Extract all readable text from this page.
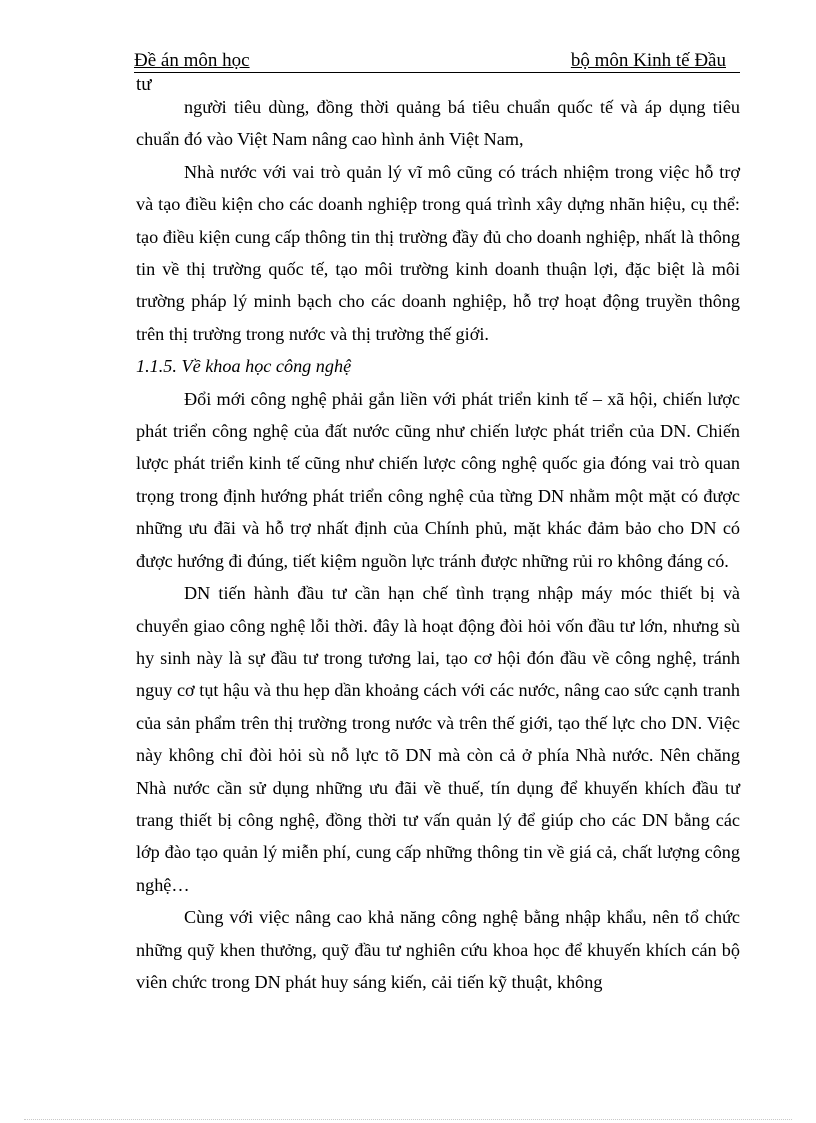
Đề án môn học	bộ môn Kinh tế Đầu
tư

người tiêu dùng, đồng thời quảng bá tiêu chuẩn quốc tế và áp dụng tiêu chuẩn đó vào Việt Nam nâng cao hình ảnh Việt Nam,

Nhà nước với vai trò quản lý vĩ mô cũng có trách nhiệm trong việc hỗ trợ và tạo điều kiện cho các doanh nghiệp trong quá trình xây dựng nhãn hiệu, cụ thể: tạo điều kiện cung cấp thông tin thị trường đầy đủ cho doanh nghiệp, nhất là thông tin về thị trường quốc tế, tạo môi trường kinh doanh thuận lợi, đặc biệt là môi trường pháp lý minh bạch cho các doanh nghiệp, hỗ trợ hoạt động truyền thông trên thị trường trong nước và thị trường thế giới.

1.1.5. Về khoa học công nghệ

Đổi mới công nghệ phải gắn liền với phát triển kinh tế – xã hội, chiến lược phát triển công nghệ của đất nước cũng như chiến lược phát triển của DN. Chiến lược phát triển kinh tế cũng như chiến lược công nghệ quốc gia đóng vai trò quan trọng trong định hướng phát triển công nghệ của từng DN nhằm một mặt có được những ưu đãi và hỗ trợ nhất định của Chính phủ, mặt khác đảm bảo cho DN có được hướng đi đúng, tiết kiệm nguồn lực tránh được những rủi ro không đáng có.

DN tiến hành đầu tư cần hạn chế tình trạng nhập máy móc thiết bị và chuyển giao công nghệ lỗi thời. đây là hoạt động đòi hỏi vốn đầu tư lớn, nhưng sù hy sinh này là sự đầu tư trong tương lai, tạo cơ hội đón đầu về công nghệ, tránh nguy cơ tụt hậu và thu hẹp dần khoảng cách với các nước, nâng cao sức cạnh tranh của sản phẩm trên thị trường trong nước và trên thế giới, tạo thế lực cho DN. Việc này không chỉ đòi hỏi sù nỗ lực tõ DN mà còn cả ở phía Nhà nước. Nên chăng Nhà nước cần sử dụng những ưu đãi về thuế, tín dụng để khuyến khích đầu tư trang thiết bị công nghệ, đồng thời tư vấn quản lý để giúp cho các DN bằng các lớp đào tạo quản lý miễn phí, cung cấp những thông tin về giá cả, chất lượng công nghệ…

Cùng với việc nâng cao khả năng công nghệ bằng nhập khẩu, nên tổ chức những quỹ khen thưởng, quỹ đầu tư nghiên cứu khoa học để khuyến khích cán bộ viên chức trong DN phát huy sáng kiến, cải tiến kỹ thuật, không
